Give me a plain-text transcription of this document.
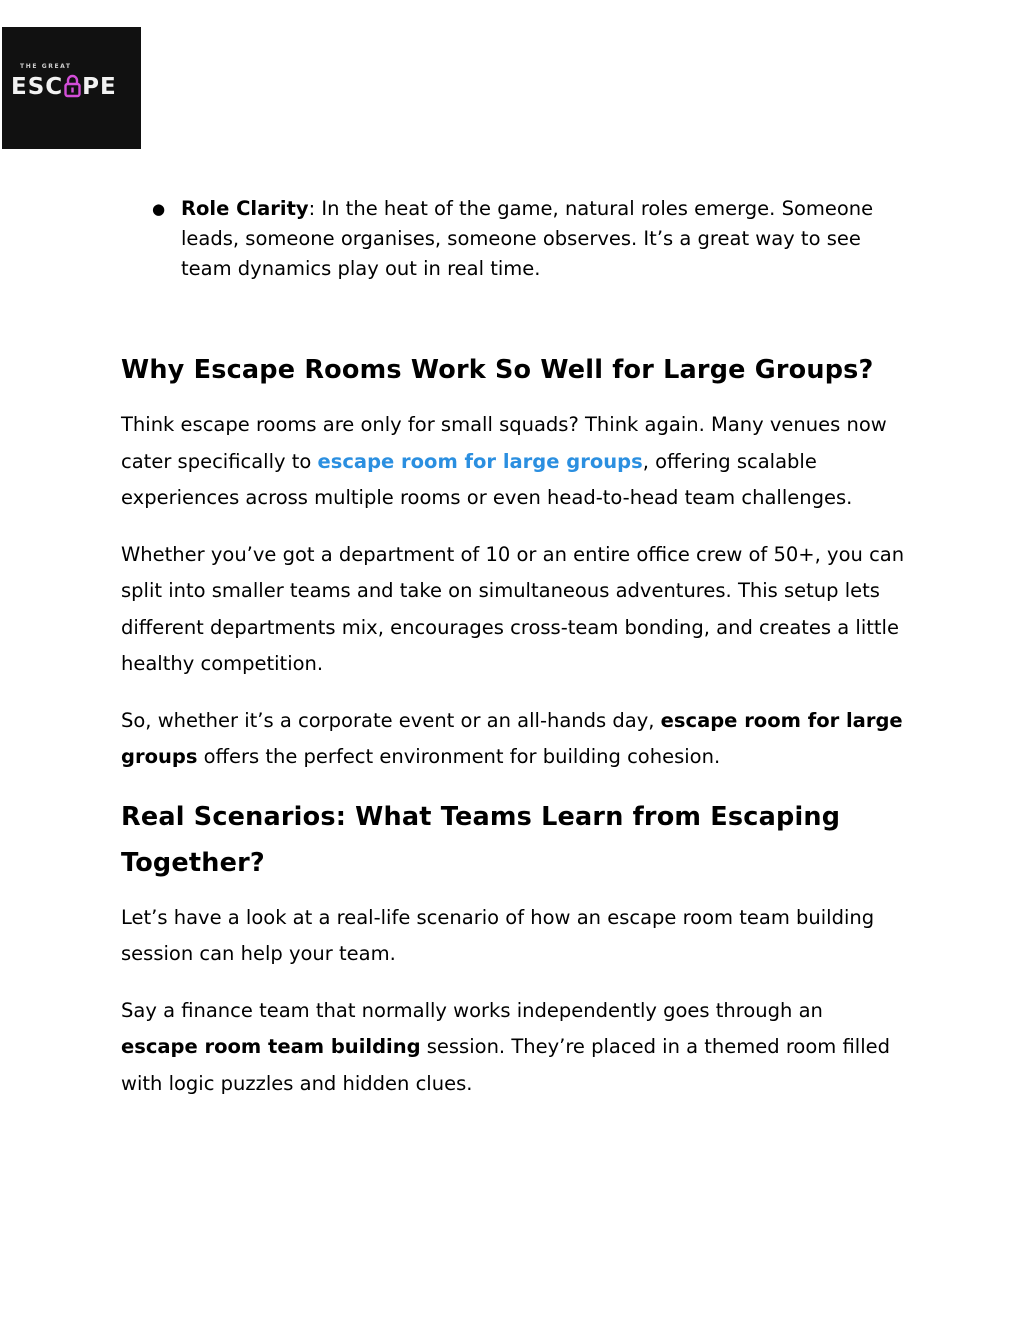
THE GREAT
ESC PE
● Role Clarity: In the heat of the game, natural roles emerge. Someone leads, someone organises, someone observes. It’s a great way to see team dynamics play out in real time.
Why Escape Rooms Work So Well for Large Groups?

Think escape rooms are only for small squads? Think again. Many venues now cater specifically to escape room for large groups, offering scalable experiences across multiple rooms or even head-to-head team challenges.

Whether you’ve got a department of 10 or an entire office crew of 50+, you can split into smaller teams and take on simultaneous adventures. This setup lets different departments mix, encourages cross-team bonding, and creates a little healthy competition.

So, whether it’s a corporate event or an all-hands day, escape room for large groups offers the perfect environment for building cohesion.

Real Scenarios: What Teams Learn from Escaping Together?

Let’s have a look at a real-life scenario of how an escape room team building session can help your team.

Say a finance team that normally works independently goes through an escape room team building session. They’re placed in a themed room filled with logic puzzles and hidden clues.
